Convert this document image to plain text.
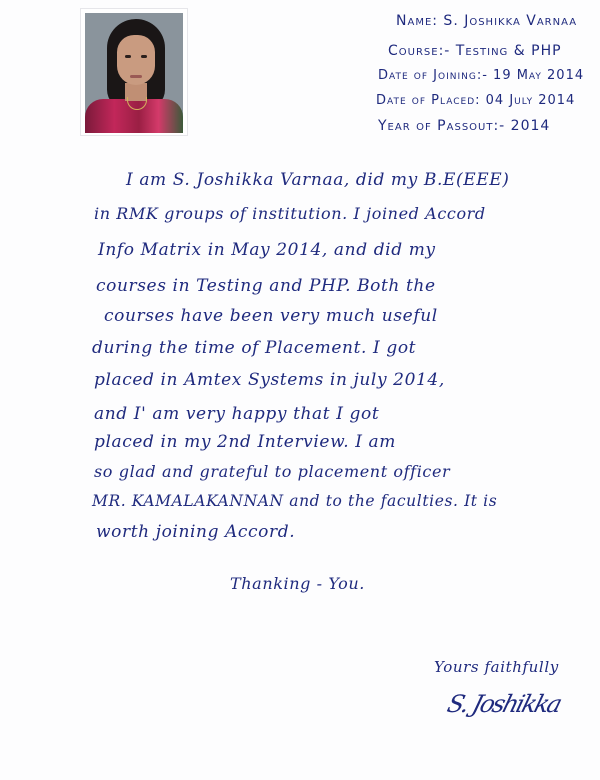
Name: S. Joshikka Varnaa
Course:- Testing & PHP
Date of Joining:- 19 May 2014
Date of Placed: 04 July 2014
Year of Passout:- 2014
I am S. Joshikka Varnaa, did my B.E(EEE)
in RMK groups of institution. I joined Accord
Info Matrix in May 2014, and did my
courses in Testing and PHP. Both the
courses have been very much useful
during the time of Placement. I got
placed in Amtex Systems in july 2014,
and I' am very happy that I got
placed in my 2nd Interview. I am
so glad and grateful to placement officer
MR. KAMALAKANNAN and to the faculties. It is
worth joining Accord.
Thanking - You.
Yours faithfully
S. Joshikka
